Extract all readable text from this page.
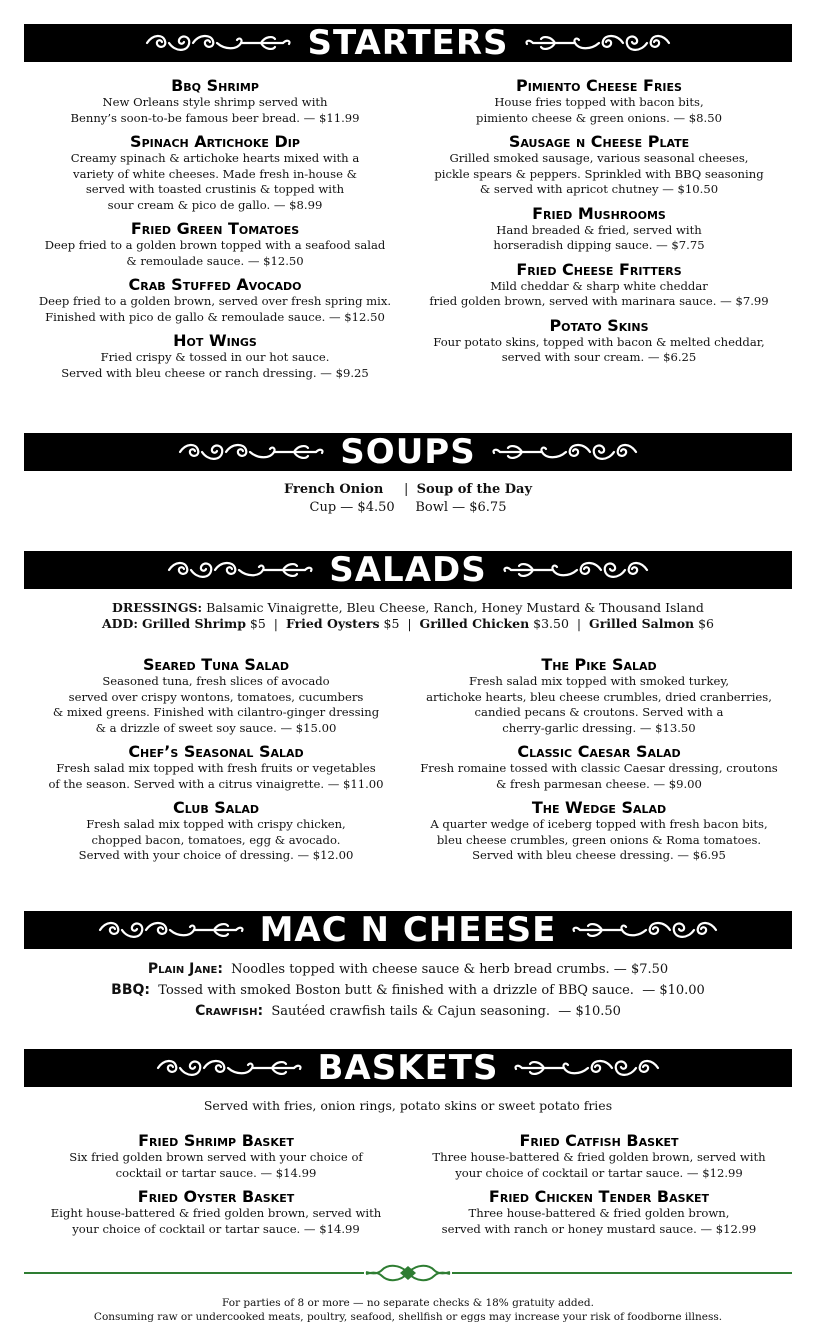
STARTERS
Bbq Shrimp
New Orleans style shrimp served with
Benny’s soon-to-be famous beer bread. — $11.99
Spinach Artichoke Dip
Creamy spinach & artichoke hearts mixed with a
variety of white cheeses. Made fresh in-house &
served with toasted crustinis & topped with
sour cream & pico de gallo. — $8.99
Fried Green Tomatoes
Deep fried to a golden brown topped with a seafood salad
& remoulade sauce. — $12.50
Crab Stuffed Avocado
Deep fried to a golden brown, served over fresh spring mix.
Finished with pico de gallo & remoulade sauce. — $12.50
Hot Wings
Fried crispy & tossed in our hot sauce.
Served with bleu cheese or ranch dressing. — $9.25
Pimiento Cheese Fries
House fries topped with bacon bits,
pimiento cheese & green onions. — $8.50
Sausage n Cheese Plate
Grilled smoked sausage, various seasonal cheeses,
pickle spears & peppers. Sprinkled with BBQ seasoning
& served with apricot chutney — $10.50
Fried Mushrooms
Hand breaded & fried, served with
horseradish dipping sauce. — $7.75
Fried Cheese Fritters
Mild cheddar & sharp white cheddar
fried golden brown, served with marinara sauce. — $7.99
Potato Skins
Four potato skins, topped with bacon & melted cheddar,
served with sour cream. — $6.25
SOUPS
French Onion | Soup of the Day
Cup — $4.50     Bowl — $6.75
SALADS
DRESSINGS: Balsamic Vinaigrette, Bleu Cheese, Ranch, Honey Mustard & Thousand Island
ADD: Grilled Shrimp $5  |  Fried Oysters $5  |  Grilled Chicken $3.50  |  Grilled Salmon $6
Seared Tuna Salad
Seasoned tuna, fresh slices of avocado
served over crispy wontons, tomatoes, cucumbers
& mixed greens. Finished with cilantro-ginger dressing
& a drizzle of sweet soy sauce. — $15.00
Chef’s Seasonal Salad
Fresh salad mix topped with fresh fruits or vegetables
of the season. Served with a citrus vinaigrette. — $11.00
Club Salad
Fresh salad mix topped with crispy chicken,
chopped bacon, tomatoes, egg & avocado.
Served with your choice of dressing. — $12.00
The Pike Salad
Fresh salad mix topped with smoked turkey,
artichoke hearts, bleu cheese crumbles, dried cranberries,
candied pecans & croutons. Served with a
cherry-garlic dressing. — $13.50
Classic Caesar Salad
Fresh romaine tossed with classic Caesar dressing, croutons
& fresh parmesan cheese. — $9.00
The Wedge Salad
A quarter wedge of iceberg topped with fresh bacon bits,
bleu cheese crumbles, green onions & Roma tomatoes.
Served with bleu cheese dressing. — $6.95
MAC N CHEESE
Plain Jane:  Noodles topped with cheese sauce & herb bread crumbs. — $7.50
BBQ:  Tossed with smoked Boston butt & finished with a drizzle of BBQ sauce.  — $10.00
Crawfish:  Sautéed crawfish tails & Cajun seasoning.  — $10.50
BASKETS
Served with fries, onion rings, potato skins or sweet potato fries
Fried Shrimp Basket
Six fried golden brown served with your choice of
cocktail or tartar sauce. — $14.99
Fried Oyster Basket
Eight house-battered & fried golden brown, served with
your choice of cocktail or tartar sauce. — $14.99
Fried Catfish Basket
Three house-battered & fried golden brown, served with
your choice of cocktail or tartar sauce. — $12.99
Fried Chicken Tender Basket
Three house-battered & fried golden brown,
served with ranch or honey mustard sauce. — $12.99
For parties of 8 or more — no separate checks & 18% gratuity added.
Consuming raw or undercooked meats, poultry, seafood, shellfish or eggs may increase your risk of foodborne illness.
